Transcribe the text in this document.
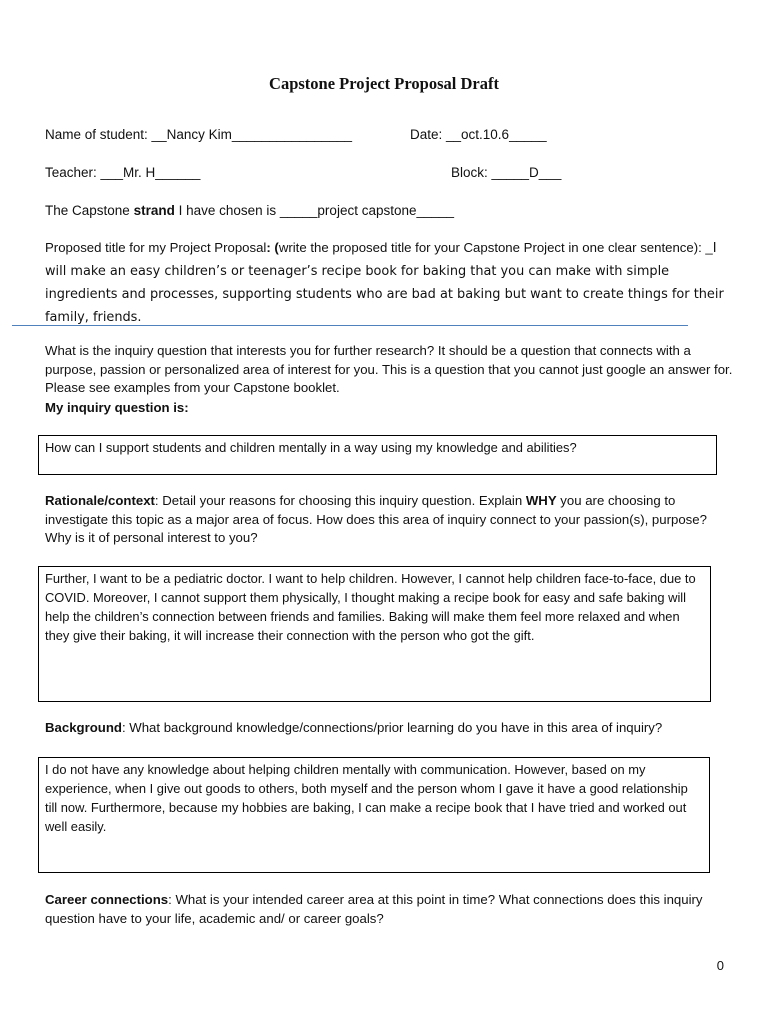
Capstone Project Proposal Draft
Name of student: __Nancy Kim________________	Date: __oct.10.6_____
Teacher: ___Mr. H______	Block: _____D___
The Capstone strand I have chosen is _____project capstone_____
Proposed title for my Project Proposal: (write the proposed title for your Capstone Project in one clear sentence): _I will make an easy children’s or teenager’s recipe book for baking that you can make with simple ingredients and processes, supporting students who are bad at baking but want to create things for their family, friends.
What is the inquiry question that interests you for further research? It should be a question that connects with a purpose, passion or personalized area of interest for you. This is a question that you cannot just google an answer for. Please see examples from your Capstone booklet.
My inquiry question is:
How can I support students and children mentally in a way using my knowledge and abilities?
Rationale/context: Detail your reasons for choosing this inquiry question. Explain WHY you are choosing to investigate this topic as a major area of focus. How does this area of inquiry connect to your passion(s), purpose? Why is it of personal interest to you?
Further, I want to be a pediatric doctor. I want to help children. However, I cannot help children face-to-face, due to COVID. Moreover, I cannot support them physically, I thought making a recipe book for easy and safe baking will help the children’s connection between friends and families. Baking will make them feel more relaxed and when they give their baking, it will increase their connection with the person who got the gift.
Background: What background knowledge/connections/prior learning do you have in this area of inquiry?
I do not have any knowledge about helping children mentally with communication. However, based on my experience, when I give out goods to others, both myself and the person whom I gave it have a good relationship till now. Furthermore, because my hobbies are baking, I can make a recipe book that I have tried and worked out well easily.
Career connections: What is your intended career area at this point in time? What connections does this inquiry question have to your life, academic and/ or career goals?
0
